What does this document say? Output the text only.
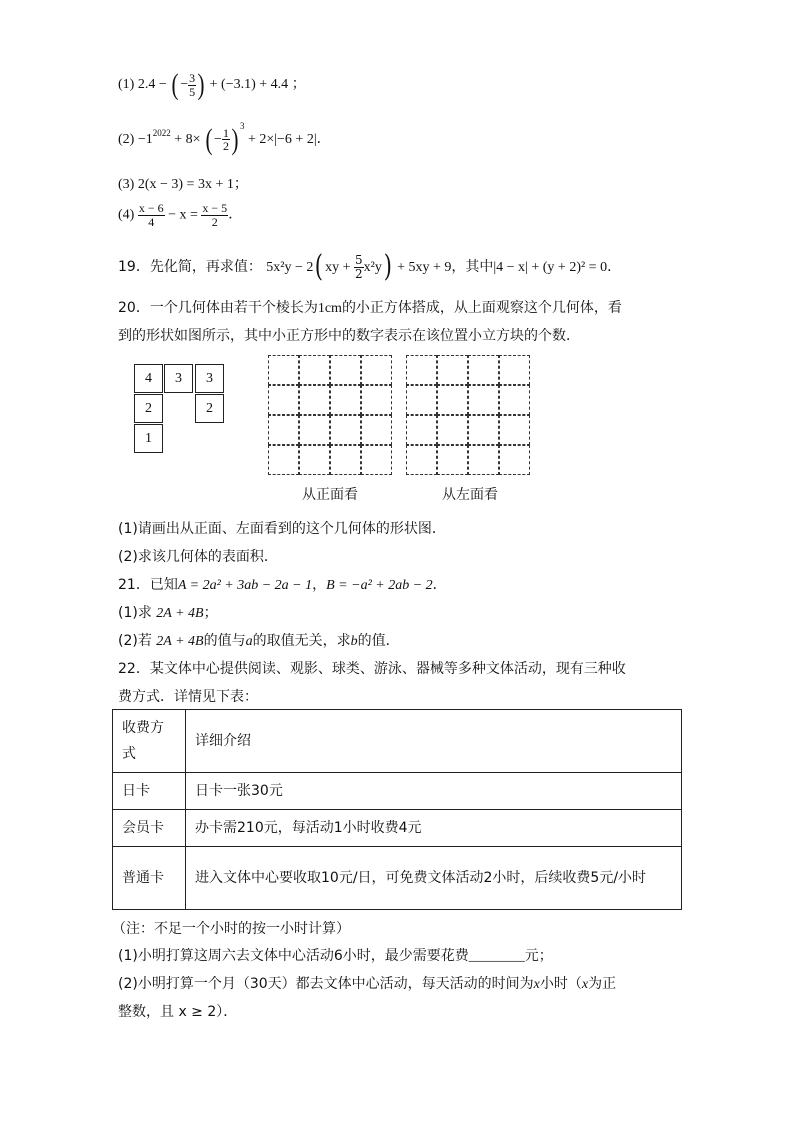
(1) 2.4 − ( − $\frac{3}{5}$ ) + (−3.1) + 4.4 ；
$(2) -1^{2022} + 8\times$ ( − $\frac{1}{2}$ ) $^3$ + 2×|−6 + 2|．
(3) 2(x − 3) = 3x + 1；
$(4) \frac{x - 6}{4} - x = \frac{x - 5}{2}$ ．
19．先化简，再求值： 5x²y − 2( xy + $\frac{5}{2} x^2y) + 5xy + 9$，其中|4 − x| + (y + 2)² = 0．
20．一个几何体由若干个棱长为1cm的小正方体搭成，从上面观察这个几何体，看
到的形状如图所示，其中小正方形中的数字表示在该位置小立方块的个数．
4	3	3
2	2
1
从正面看	从左面看
(1)请画出从正面、左面看到的这个几何体的形状图．
(2)求该几何体的表面积．
21．已知A = 2a² + 3ab − 2a − 1，B = −a² + 2ab − 2．
(1)求 2A + 4B；
(2)若 2A + 4B的值与a的取值无关，求b的值．
22．某文体中心提供阅读、观影、球类、游泳、器械等多种文体活动，现有三种收
费方式．详情见下表：
收费方式	详细介绍
日卡	日卡一张30元
会员卡	办卡需210元，每活动1小时收费4元
普通卡	进入文体中心要收取10元/日，可免费文体活动2小时，后续收费5元/小时
（注：不足一个小时的按一小时计算）
(1)小明打算这周六去文体中心活动6小时，最少需要花费________元；
(2)小明打算一个月（30天）都去文体中心活动，每天活动的时间为x小时（x为正
整数，且 x ≥ 2）．
